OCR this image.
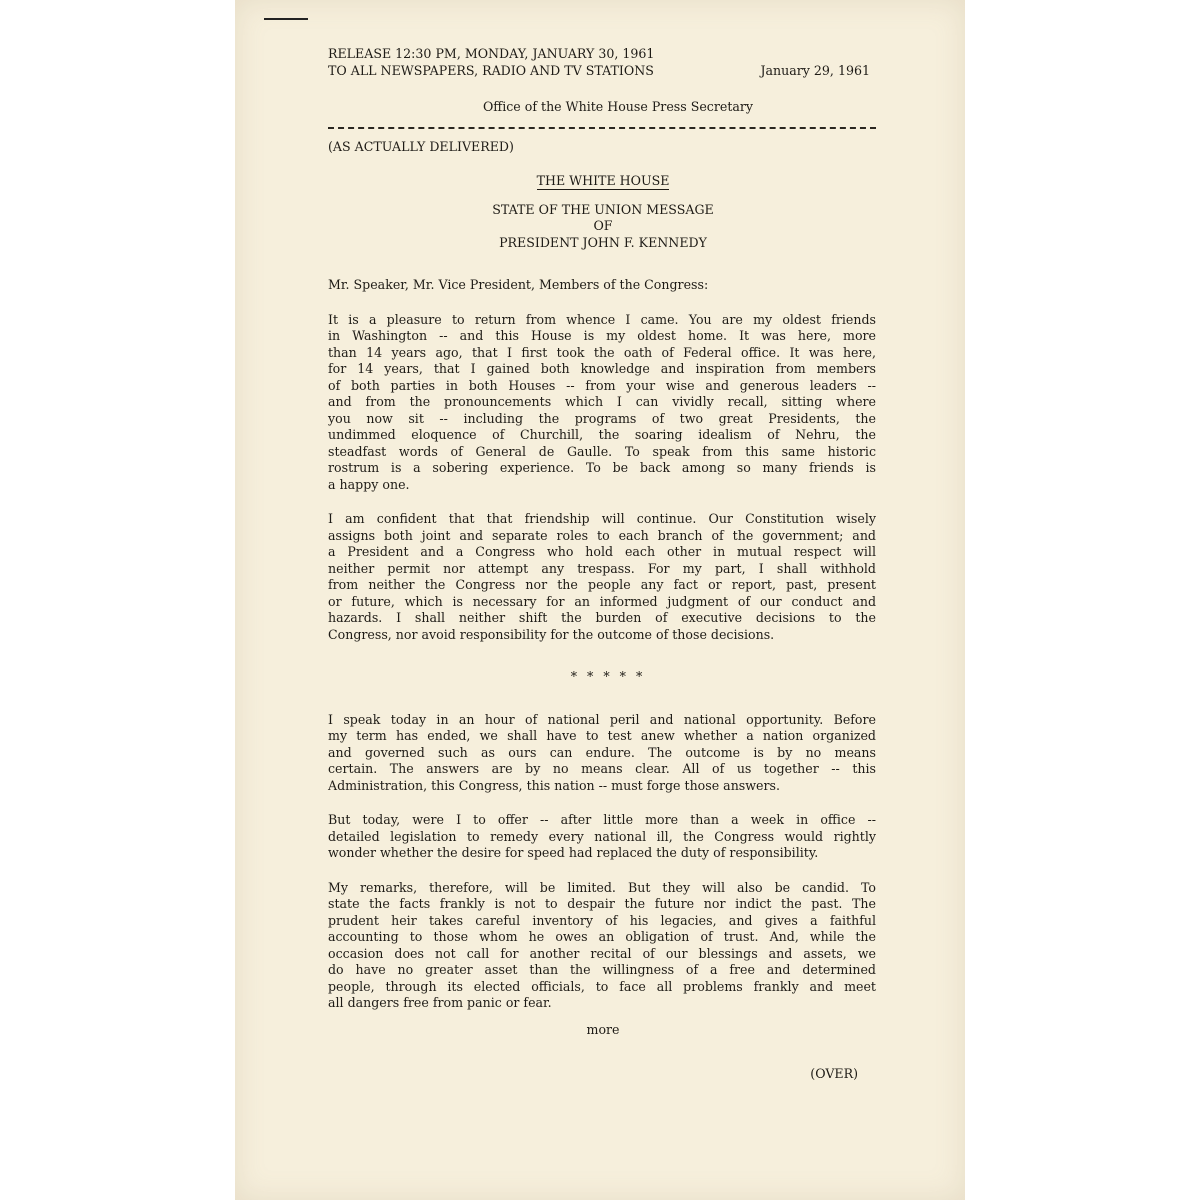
RELEASE 12:30 PM, MONDAY, JANUARY 30, 1961
TO ALL NEWSPAPERS, RADIO AND TV STATIONS	January 29, 1961
Office of the White House Press Secretary
(AS ACTUALLY DELIVERED)
THE WHITE HOUSE
STATE OF THE UNION MESSAGE
OF
PRESIDENT JOHN F. KENNEDY
Mr. Speaker, Mr. Vice President, Members of the Congress:
It is a pleasure to return from whence I came. You are my oldest friends
in Washington -- and this House is my oldest home. It was here, more
than 14 years ago, that I first took the oath of Federal office. It was here,
for 14 years, that I gained both knowledge and inspiration from members
of both parties in both Houses -- from your wise and generous leaders --
and from the pronouncements which I can vividly recall, sitting where
you now sit -- including the programs of two great Presidents, the
undimmed eloquence of Churchill, the soaring idealism of Nehru, the
steadfast words of General de Gaulle. To speak from this same historic
rostrum is a sobering experience. To be back among so many friends is
a happy one.
I am confident that that friendship will continue. Our Constitution wisely
assigns both joint and separate roles to each branch of the government; and
a President and a Congress who hold each other in mutual respect will
neither permit nor attempt any trespass. For my part, I shall withhold
from neither the Congress nor the people any fact or report, past, present
or future, which is necessary for an informed judgment of our conduct and
hazards. I shall neither shift the burden of executive decisions to the
Congress, nor avoid responsibility for the outcome of those decisions.
* * * * *
I speak today in an hour of national peril and national opportunity. Before
my term has ended, we shall have to test anew whether a nation organized
and governed such as ours can endure. The outcome is by no means
certain. The answers are by no means clear. All of us together -- this
Administration, this Congress, this nation -- must forge those answers.
But today, were I to offer -- after little more than a week in office --
detailed legislation to remedy every national ill, the Congress would rightly
wonder whether the desire for speed had replaced the duty of responsibility.
My remarks, therefore, will be limited. But they will also be candid. To
state the facts frankly is not to despair the future nor indict the past. The
prudent heir takes careful inventory of his legacies, and gives a faithful
accounting to those whom he owes an obligation of trust. And, while the
occasion does not call for another recital of our blessings and assets, we
do have no greater asset than the willingness of a free and determined
people, through its elected officials, to face all problems frankly and meet
all dangers free from panic or fear.
more
(OVER)
